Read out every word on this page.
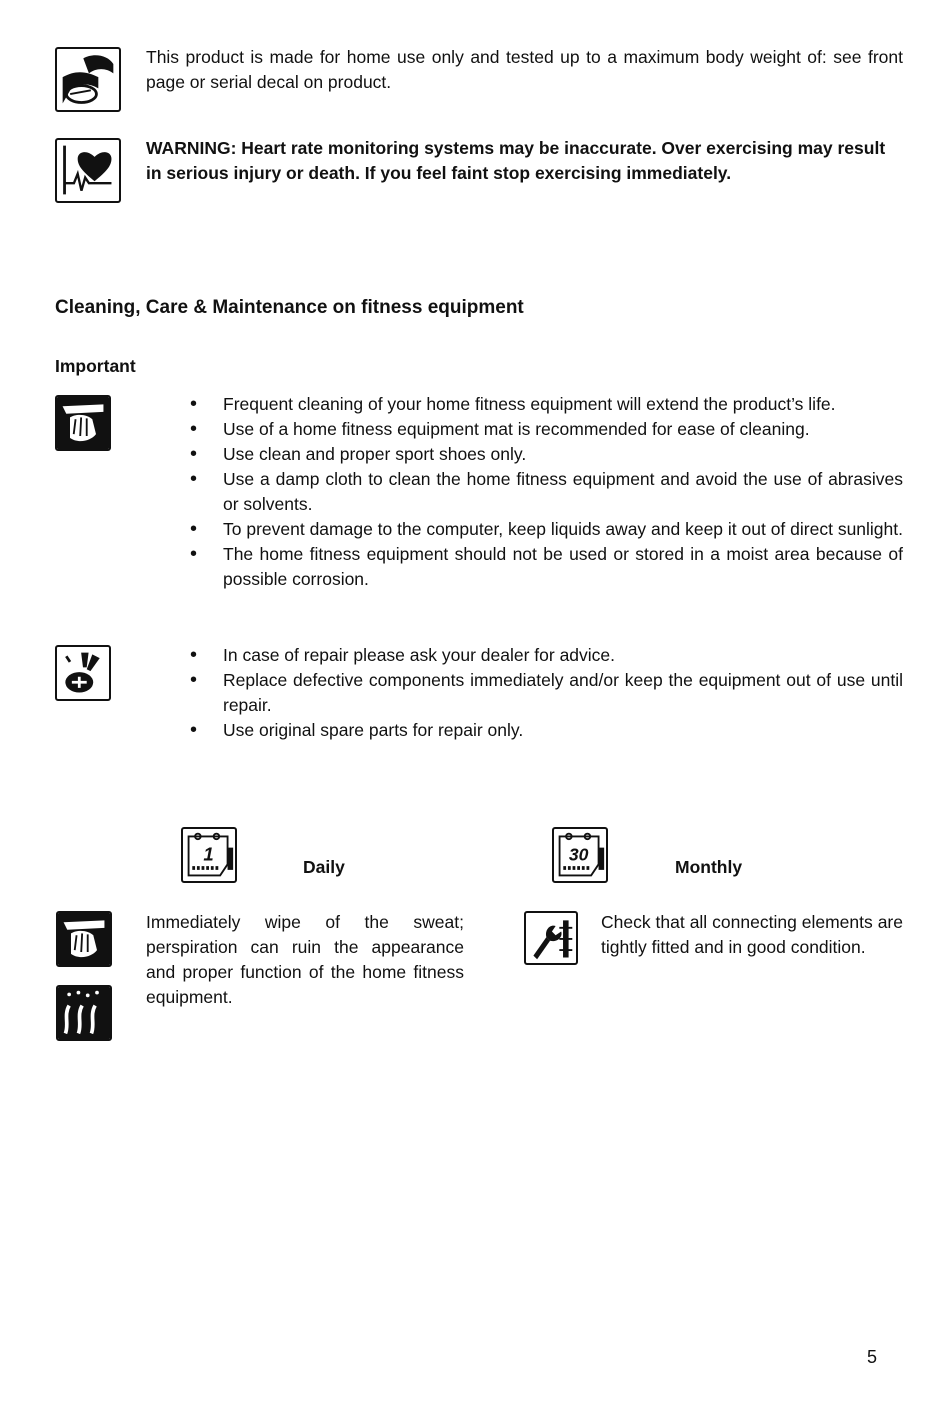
This product is made for home use only and tested up to a maximum body weight of: see front page or serial decal on product.
WARNING: Heart rate monitoring systems may be inaccurate. Over exercising may result in serious injury or death. If you feel faint stop exercising immediately.
Cleaning, Care & Maintenance on fitness equipment
Important
• Frequent cleaning of your home fitness equipment will extend the product’s life.
• Use of a home fitness equipment mat is recommended for ease of cleaning.
• Use clean and proper sport shoes only.
• Use a damp cloth to clean the home fitness equipment and avoid the use of abrasives or solvents.
• To prevent damage to the computer, keep liquids away and keep it out of direct sunlight.
• The home fitness equipment should not be used or stored in a moist area because of possible corrosion.
• In case of repair please ask your dealer for advice.
• Replace defective components immediately and/or keep the equipment out of use until repair.
• Use original spare parts for repair only.
1
Daily
Immediately wipe of the sweat; perspiration can ruin the appearance and proper function of the home fitness equipment.
30
Monthly
Check that all connecting elements are tightly fitted and in good condition.
5
